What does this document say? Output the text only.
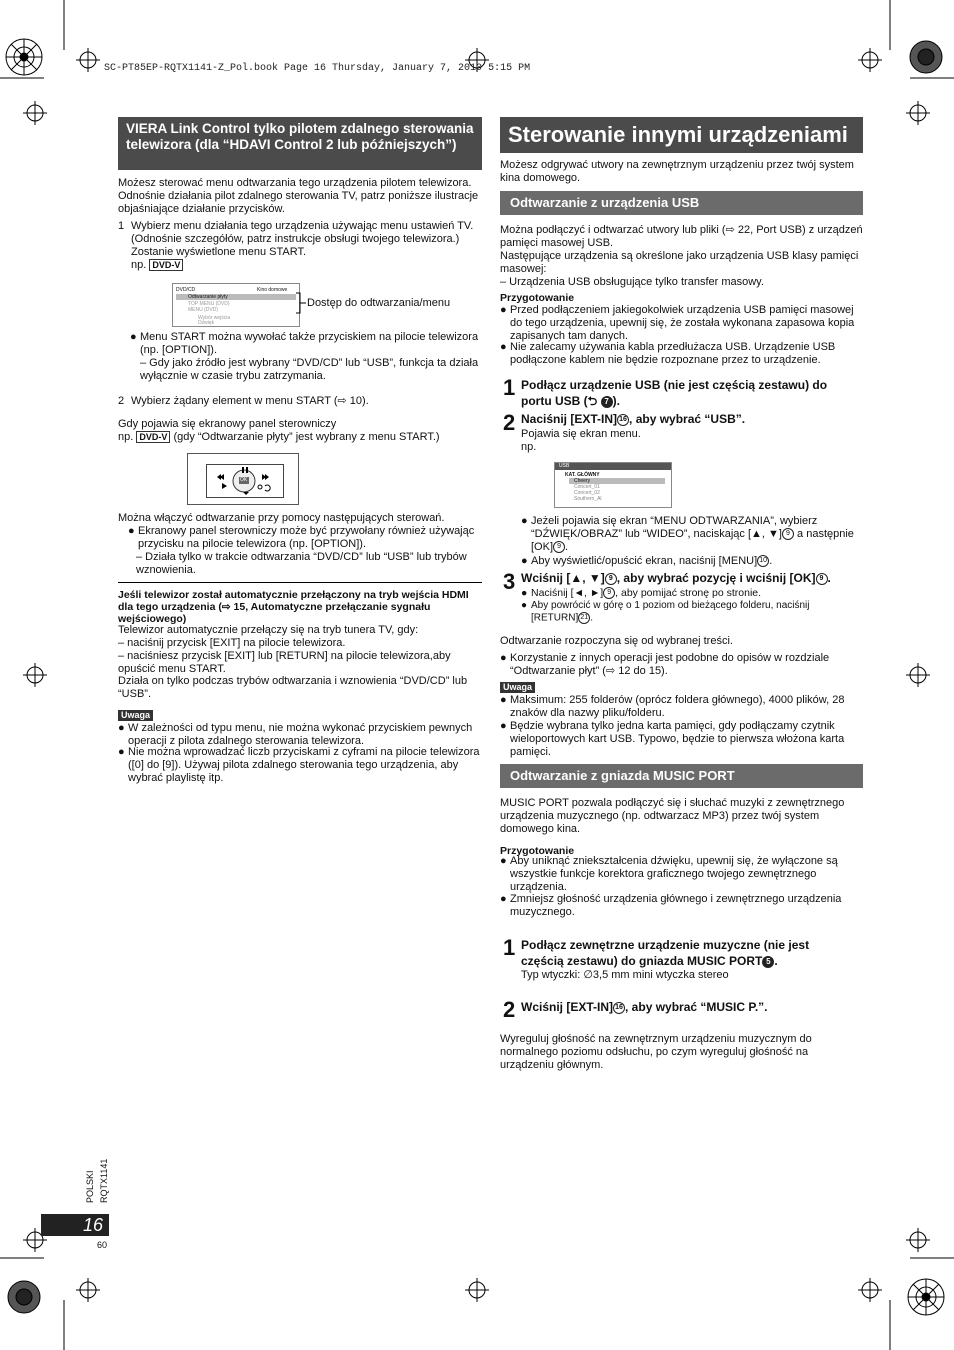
SC-PT85EP-RQTX1141-Z_Pol.book Page 16 Thursday, January 7, 2010 5:15 PM
VIERA Link Control tylko pilotem zdalnego sterowania telewizora (dla “HDAVI Control 2 lub późniejszych”)
Możesz sterować menu odtwarzania tego urządzenia pilotem telewizora. Odnośnie działania pilot zdalnego sterowania TV, patrz poniższe ilustracje objaśniające działanie przycisków.
1 Wybierz menu działania tego urządzenia używając menu ustawień TV. (Odnośnie szczegółów, patrz instrukcje obsługi twojego telewizora.) Zostanie wyświetlone menu START.
np. DVD-V
DVD/CD	Kino domowe
Odtwarzanie płyty
TOP MENU (DVD)
MENU (DVD)
Wybór wejścia
Dźwięk
Dostęp do odtwarzania/menu
● Menu START można wywołać także przyciskiem na pilocie telewizora (np. [OPTION]).
– Gdy jako źródło jest wybrany “DVD/CD” lub “USB”, funkcja ta działa wyłącznie w czasie trybu zatrzymania.
2 Wybierz żądany element w menu START (⇨ 10).
Gdy pojawia się ekranowy panel sterowniczy
np. DVD-V (gdy “Odtwarzanie płyty” jest wybrany z menu START.)
OK
Można włączyć odtwarzanie przy pomocy następujących sterowań.
● Ekranowy panel sterowniczy może być przywołany również używając przycisku na pilocie telewizora (np. [OPTION]).
– Działa tylko w trakcie odtwarzania “DVD/CD” lub “USB” lub trybów wznowienia.
Jeśli telewizor został automatycznie przełączony na tryb wejścia HDMI dla tego urządzenia (⇨ 15, Automatyczne przełączanie sygnału wejściowego)
Telewizor automatycznie przełączy się na tryb tunera TV, gdy:
– naciśnij przycisk [EXIT] na pilocie telewizora.
– naciśniesz przycisk [EXIT] lub [RETURN] na pilocie telewizora,aby opuścić menu START.
Działa on tylko podczas trybów odtwarzania i wznowienia “DVD/CD” lub “USB”.
Uwaga
● W zależności od typu menu, nie można wykonać przyciskiem pewnych operacji z pilota zdalnego sterowania telewizora.
● Nie można wprowadzać liczb przyciskami z cyframi na pilocie telewizora ([0] do [9]). Używaj pilota zdalnego sterowania tego urządzenia, aby wybrać playlistę itp.
Sterowanie innymi urządzeniami
Możesz odgrywać utwory na zewnętrznym urządzeniu przez twój system kina domowego.
Odtwarzanie z urządzenia USB
Można podłączyć i odtwarzać utwory lub pliki (⇨ 22, Port USB) z urządzeń pamięci masowej USB.
Następujące urządzenia są określone jako urządzenia USB klasy pamięci masowej:
– Urządzenia USB obsługujące tylko transfer masowy.
Przygotowanie
● Przed podłączeniem jakiegokolwiek urządzenia USB pamięci masowej do tego urządzenia, upewnij się, że została wykonana zapasowa kopia zapisanych tam danych.
● Nie zalecamy używania kabla przedłużacza USB. Urządzenie USB podłączone kablem nie będzie rozpoznane przez to urządzenie.
1 Podłącz urządzenie USB (nie jest częścią zestawu) do portu USB (⮌ 7 ).
2 Naciśnij [EXT-IN] 16 , aby wybrać “USB”.
Pojawia się ekran menu.
np.
USB
KAT. GŁÓWNY
Cheery
Concert_01
Concert_02
Southern_Al
● Jeżeli pojawia się ekran “MENU ODTWARZANIA”, wybierz “DŹWIĘK/OBRAZ” lub “WIDEO”, naciskając [▲, ▼] 9 a następnie [OK] 9 .
● Aby wyświetlić/opuścić ekran, naciśnij [MENU] 10 .
3 Wciśnij [▲, ▼] 9 , aby wybrać pozycję i wciśnij [OK] 9 .
● Naciśnij [◄, ►] 9 , aby pomijać stronę po stronie.
● Aby powrócić w górę o 1 poziom od bieżącego folderu, naciśnij [RETURN] 21 .
Odtwarzanie rozpoczyna się od wybranej treści.
● Korzystanie z innych operacji jest podobne do opisów w rozdziale “Odtwarzanie płyt” (⇨ 12 do 15).
Uwaga
● Maksimum: 255 folderów (oprócz foldera głównego), 4000 plików, 28 znaków dla nazwy pliku/folderu.
● Będzie wybrana tylko jedna karta pamięci, gdy podłączamy czytnik wieloportowych kart USB. Typowo, będzie to pierwsza włożona karta pamięci.
Odtwarzanie z gniazda MUSIC PORT
MUSIC PORT pozwala podłączyć się i słuchać muzyki z zewnętrznego urządzenia muzycznego (np. odtwarzacz MP3) przez twój system domowego kina.
Przygotowanie
● Aby uniknąć zniekształcenia dźwięku, upewnij się, że wyłączone są wszystkie funkcje korektora graficznego twojego zewnętrznego urządzenia.
● Zmniejsz głośność urządzenia głównego i zewnętrznego urządzenia muzycznego.
1 Podłącz zewnętrzne urządzenie muzyczne (nie jest częścią zestawu) do gniazda MUSIC PORT 5 .
Typ wtyczki: ∅3,5 mm mini wtyczka stereo
2 Wciśnij [EXT-IN] 16 , aby wybrać “MUSIC P.”.
Wyreguluj głośność na zewnętrznym urządzeniu muzycznym do normalnego poziomu odsłuchu, po czym wyreguluj głośność na urządzeniu głównym.
POLSKI RQTX1141
16
60
